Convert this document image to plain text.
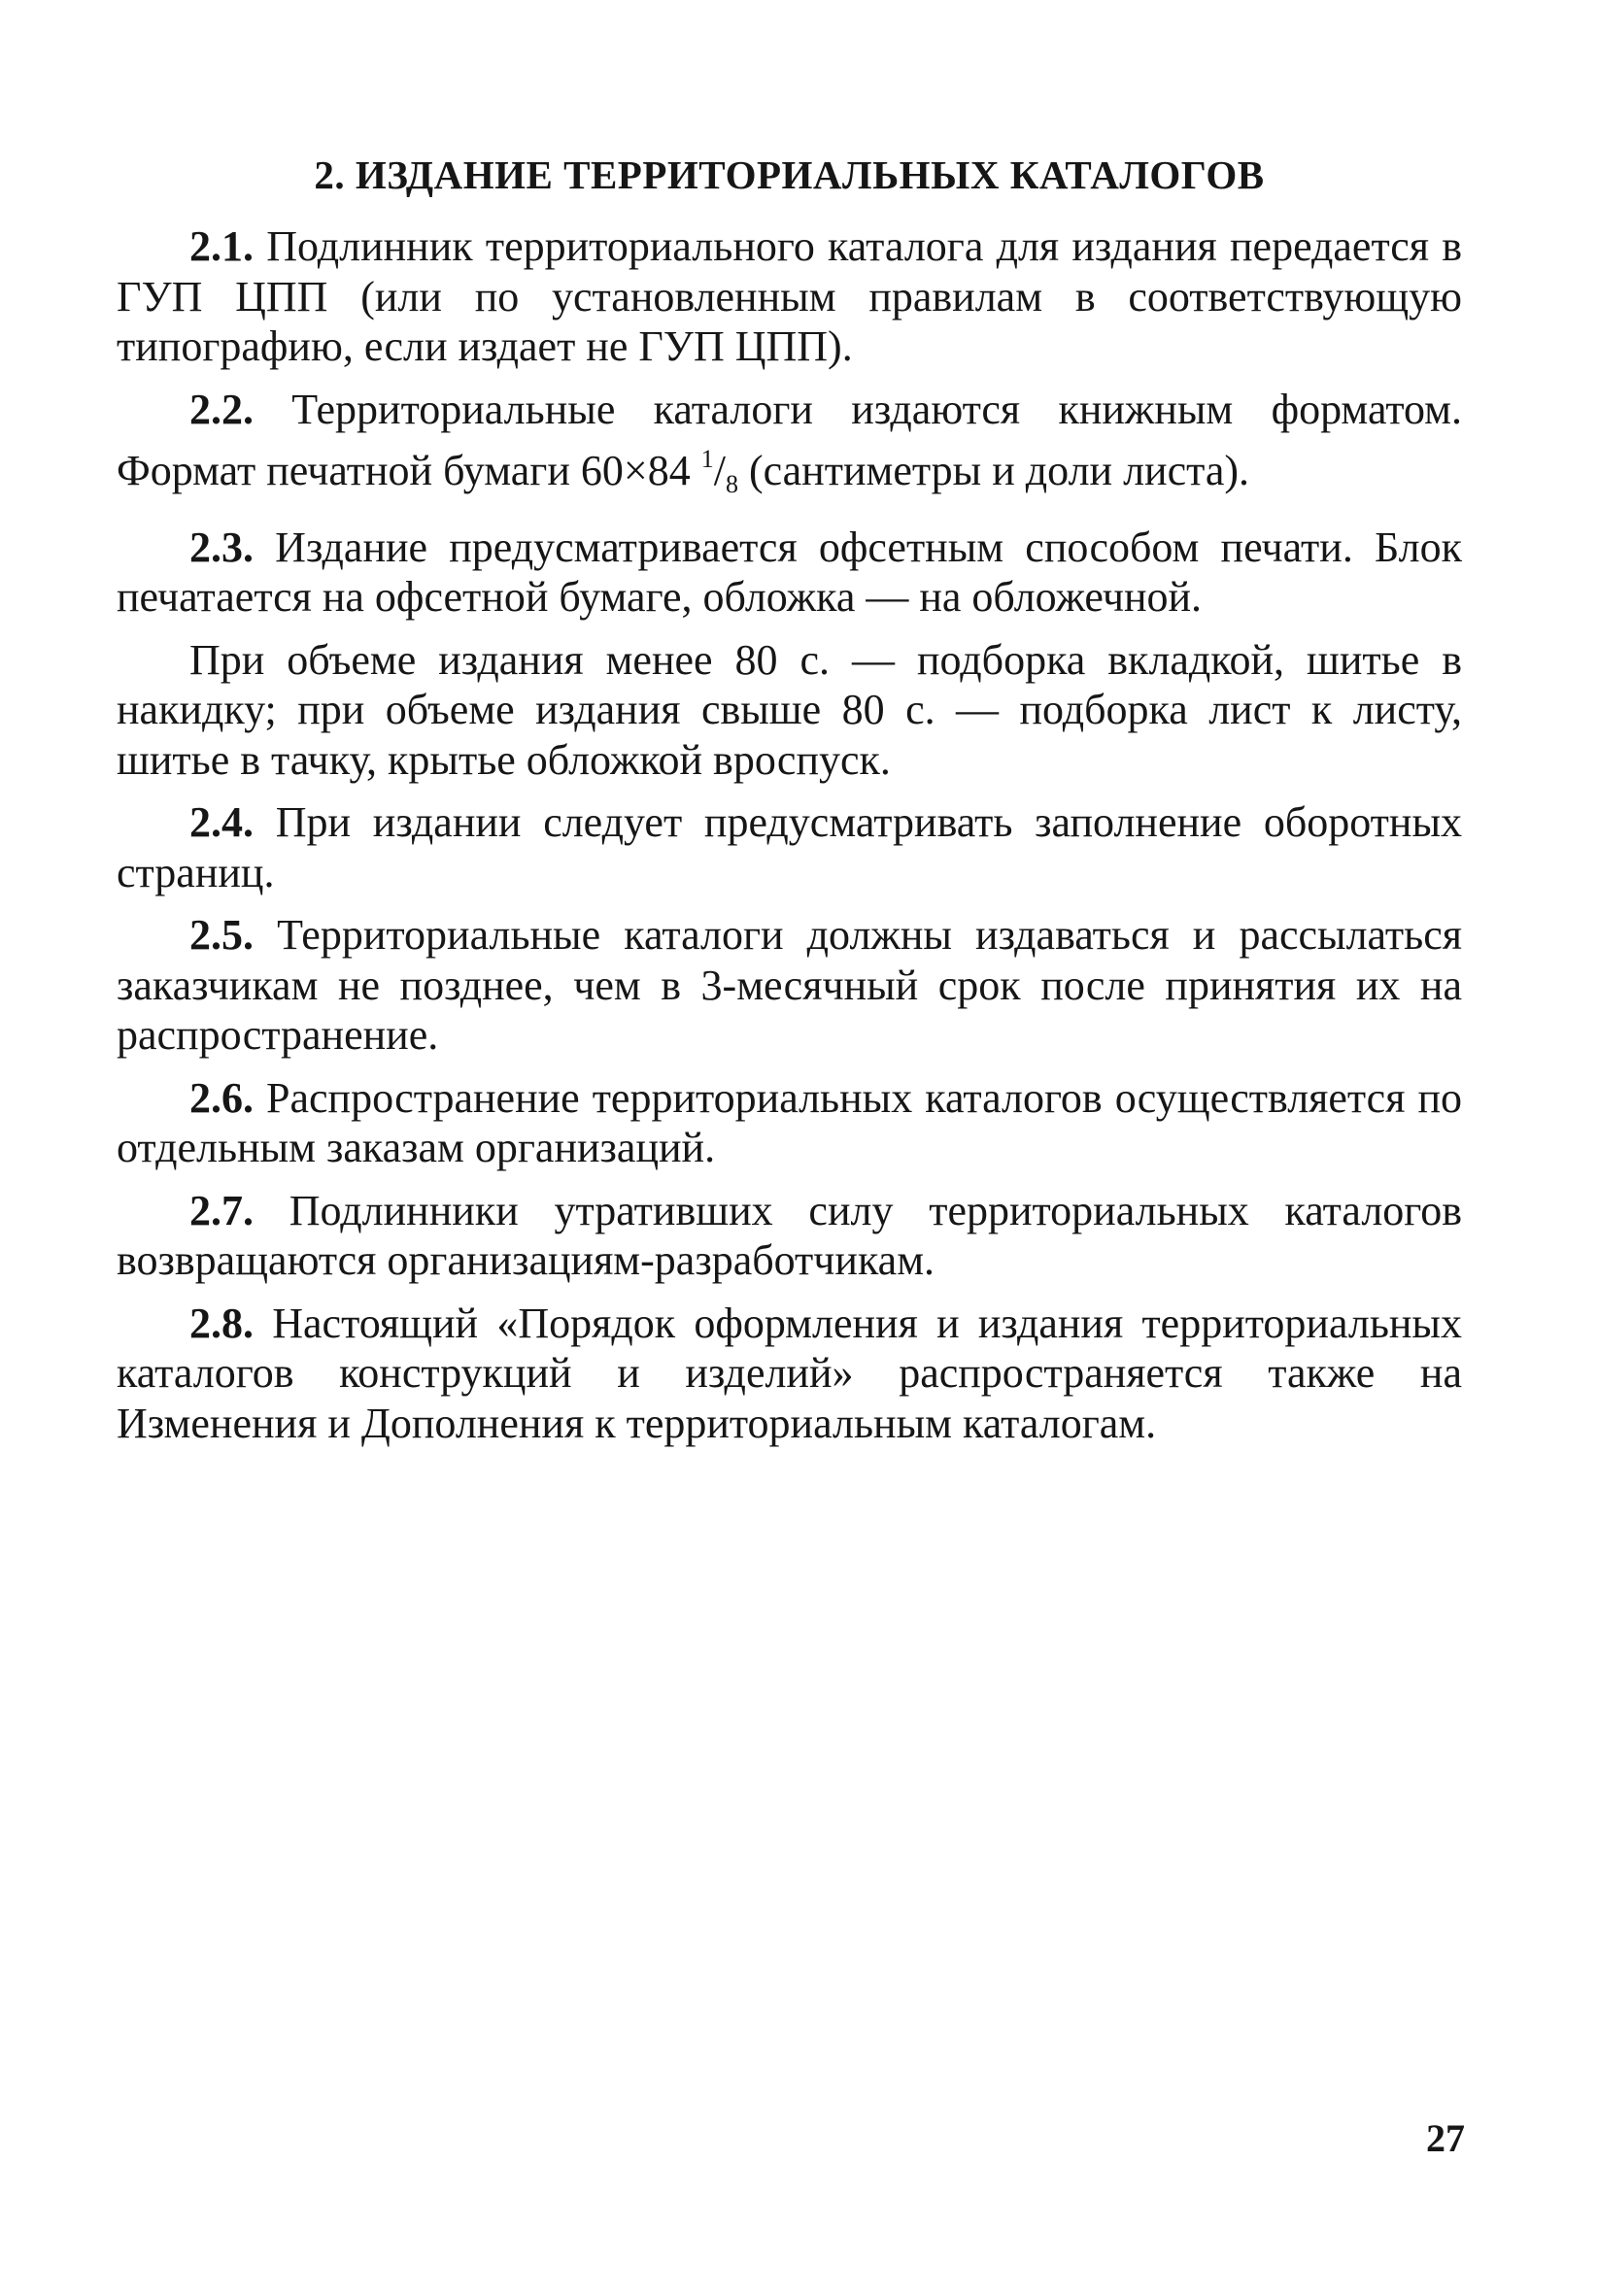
2. ИЗДАНИЕ ТЕРРИТОРИАЛЬНЫХ КАТАЛОГОВ

2.1. Подлинник территориального каталога для издания передается в ГУП ЦПП (или по установленным правилам в соответствующую типографию, если издает не ГУП ЦПП).

2.2. Территориальные каталоги издаются книжным форматом. Формат печатной бумаги 60×84 $^1/_8$ (сантиметры и доли листа).

2.3. Издание предусматривается офсетным способом печати. Блок печатается на офсетной бумаге, обложка — на обложечной.

При объеме издания менее 80 с. — подборка вкладкой, шитье в накидку; при объеме издания свыше 80 с. — подборка лист к листу, шитье в тачку, крытье обложкой вроспуск.

2.4. При издании следует предусматривать заполнение оборотных страниц.

2.5. Территориальные каталоги должны издаваться и рассылаться заказчикам не позднее, чем в 3-месячный срок после принятия их на распространение.

2.6. Распространение территориальных каталогов осуществляется по отдельным заказам организаций.

2.7. Подлинники утративших силу территориальных каталогов возвращаются организациям-разработчикам.

2.8. Настоящий «Порядок оформления и издания территориальных каталогов конструкций и изделий» распространяется также на Изменения и Дополнения к территориальным каталогам.

27
